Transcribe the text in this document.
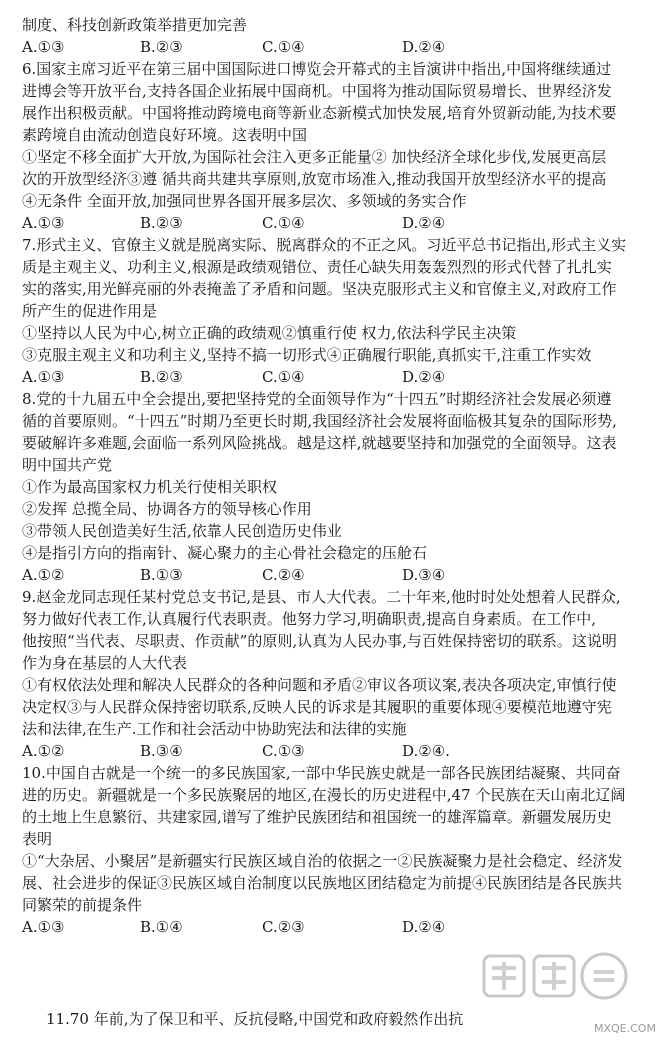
制度、科技创新政策举措更加完善
A.①③	B.②③	C.①④	D.②④
6.国家主席习近平在第三届中国国际进口博览会开幕式的主旨演讲中指出,中国将继续通过
进博会等开放平台,支持各国企业拓展中国商机。中国将为推动国际贸易增长、世界经济发
展作出积极贡献。中国将推动跨境电商等新业态新模式加快发展,培育外贸新动能,为技术要
素跨境自由流动创造良好环境。这表明中国
①坚定不移全面扩大开放,为国际社会注入更多正能量② 加快经济全球化步伐,发展更高层
次的开放型经济③遵 循共商共建共享原则,放宽市场准入,推动我国开放型经济水平的提高
④无条件 全面开放,加强同世界各国开展多层次、多领域的务实合作
A.①③	B.②③	C.①④	D.②④
7.形式主义、官僚主义就是脱离实际、脱离群众的不正之风。习近平总书记指出,形式主义实
质是主观主义、功利主义,根源是政绩观错位、责任心缺失用轰轰烈烈的形式代替了扎扎实
实的落实,用光鲜亮丽的外表掩盖了矛盾和问题。坚决克服形式主义和官僚主义,对政府工作
所产生的促进作用是
①坚持以人民为中心,树立正确的政绩观②慎重行使 权力,依法科学民主决策
③克服主观主义和功利主义,坚持不搞一切形式④正确履行职能,真抓实干,注重工作实效
A.①③	B.②③	C.①④	D.②④
8.党的十九届五中全会提出,要把坚持党的全面领导作为“十四五”时期经济社会发展必须遵
循的首要原则。“十四五”时期乃至更长时期,我国经济社会发展将面临极其复杂的国际形势,
要破解许多难题,会面临一系列风险挑战。越是这样,就越要坚持和加强党的全面领导。这表
明中国共产党
①作为最高国家权力机关行使相关职权
②发挥 总揽全局、协调各方的领导核心作用
③带领人民创造美好生活,依靠人民创造历史伟业
④是指引方向的指南针、凝心聚力的主心骨社会稳定的压舱石
A.①②	B.①③	C.②④	D.③④
9.赵金龙同志现任某村党总支书记,是县、市人大代表。二十年来,他时时处处想着人民群众,
努力做好代表工作,认真履行代表职责。他努力学习,明确职责,提高自身素质。在工作中,
他按照“当代表、尽职责、作贡献”的原则,认真为人民办事,与百姓保持密切的联系。这说明
作为身在基层的人大代表
①有权依法处理和解决人民群众的各种问题和矛盾②审议各项议案,表决各项决定,审慎行使
决定权③与人民群众保持密切联系,反映人民的诉求是其履职的重要体现④要模范地遵守宪
法和法律,在生产.工作和社会活动中协助宪法和法律的实施
A.①②	B.③④	C.①③	D.②④.
10.中国自古就是一个统一的多民族国家,一部中华民族史就是一部各民族团结凝聚、共同奋
进的历史。新疆就是一个多民族聚居的地区,在漫长的历史进程中,47 个民族在天山南北辽阔
的土地上生息繁衍、共建家园,谱写了维护民族团结和祖国统一的雄浑篇章。新疆发展历史
表明
①“大杂居、小聚居”是新疆实行民族区域自治的依据之一②民族凝聚力是社会稳定、经济发
展、社会进步的保证③民族区域自治制度以民族地区团结稳定为前提④民族团结是各民族共
同繁荣的前提条件
A.①③	B.①④	C.②③	D.②④
11.70 年前,为了保卫和平、反抗侵略,中国党和政府毅然作出抗
MXQE.COM
